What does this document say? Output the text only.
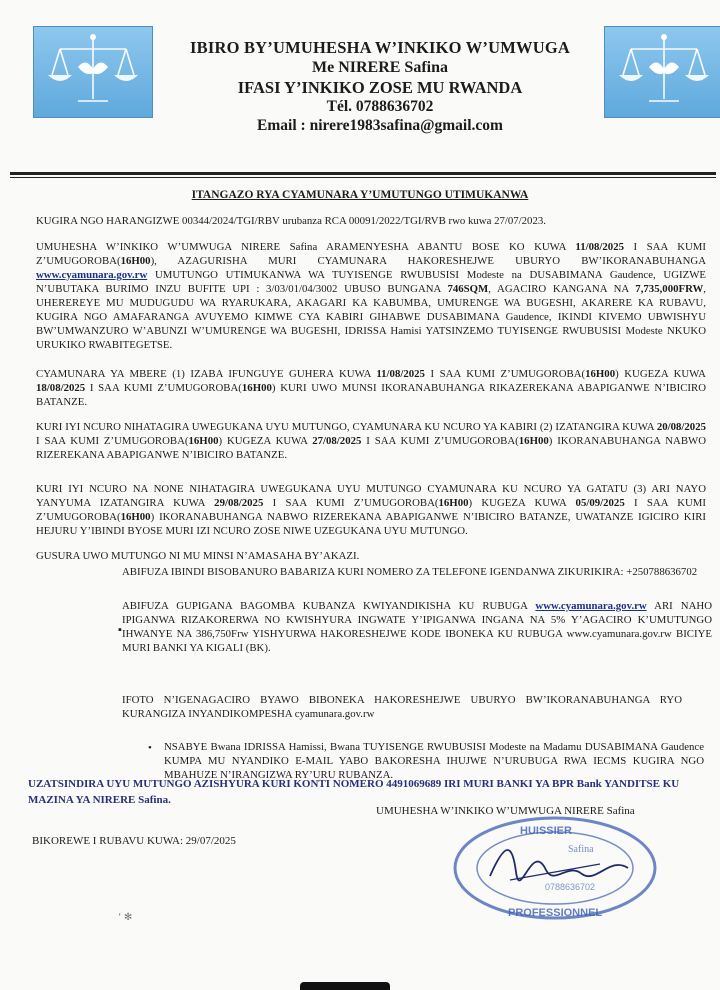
IBIRO BY’UMUHESHA W’INKIKO W’UMWUGA
Me NIRERE Safina
IFASI Y’INKIKO ZOSE MU RWANDA
Tél. 0788636702
Email : nirere1983safina@gmail.com
ITANGAZO RYA CYAMUNARA Y’UMUTUNGO UTIMUKANWA

KUGIRA NGO HARANGIZWE 00344/2024/TGI/RBV urubanza RCA 00091/2022/TGI/RVB rwo kuwa 27/07/2023.

UMUHESHA W’INKIKO W’UMWUGA NIRERE Safina ARAMENYESHA ABANTU BOSE KO KUWA 11/08/2025 I SAA KUMI Z’UMUGOROBA(16H00), AZAGURISHA MURI CYAMUNARA HAKORESHEJWE UBURYO BW’IKORANABUHANGA www.cyamunara.gov.rw UMUTUNGO UTIMUKANWA WA TUYISENGE RWUBUSISI Modeste na DUSABIMANA Gaudence, UGIZWE N’UBUTAKA BURIMO INZU BUFITE UPI : 3/03/01/04/3002 UBUSO BUNGANA 746SQM, AGACIRO KANGANA NA 7,735,000FRW, UHEREREYE MU MUDUGUDU WA RYARUKARA, AKAGARI KA KABUMBA, UMURENGE WA BUGESHI, AKARERE KA RUBAVU, KUGIRA NGO AMAFARANGA AVUYEMO KIMWE CYA KABIRI GIHABWE DUSABIMANA Gaudence, IKINDI KIVEMO UBWISHYU BW’UMWANZURO W’ABUNZI W’UMURENGE WA BUGESHI, IDRISSA Hamisi YATSINZEMO TUYISENGE RWUBUSISI Modeste NKUKO URUKIKO RWABITEGETSE.

CYAMUNARA YA MBERE (1) IZABA IFUNGUYE GUHERA KUWA 11/08/2025 I SAA KUMI Z’UMUGOROBA(16H00) KUGEZA KUWA 18/08/2025 I SAA KUMI Z’UMUGOROBA(16H00) KURI UWO MUNSI IKORANABUHANGA RIKAZEREKANA ABAPIGANWE N’IBICIRO BATANZE.

KURI IYI NCURO NIHATAGIRA UWEGUKANA UYU MUTUNGO, CYAMUNARA KU NCURO YA KABIRI (2) IZATANGIRA KUWA 20/08/2025 I SAA KUMI Z’UMUGOROBA(16H00) KUGEZA KUWA 27/08/2025 I SAA KUMI Z’UMUGOROBA(16H00) IKORANABUHANGA NABWO RIZEREKANA ABAPIGANWE N’IBICIRO BATANZE.

KURI IYI NCURO NA NONE NIHATAGIRA UWEGUKANA UYU MUTUNGO CYAMUNARA KU NCURO YA GATATU (3) ARI NAYO YANYUMA IZATANGIRA KUWA 29/08/2025 I SAA KUMI Z’UMUGOROBA(16H00) KUGEZA KUWA 05/09/2025 I SAA KUMI Z’UMUGOROBA(16H00) IKORANABUHANGA NABWO RIZEREKANA ABAPIGANWE N’IBICIRO BATANZE, UWATANZE IGICIRO KIRI HEJURU Y’IBINDI BYOSE MURI IZI NCURO ZOSE NIWE UZEGUKANA UYU MUTUNGO.

GUSURA UWO MUTUNGO NI MU MINSI N’AMASAHA BY’AKAZI.

ABIFUZA IBINDI BISOBANURO BABARIZA KURI NOMERO ZA TELEFONE IGENDANWA ZIKURIKIRA: +250788636702

▪

ABIFUZA GUPIGANA BAGOMBA KUBANZA KWIYANDIKISHA KU RUBUGA www.cyamunara.gov.rw ARI NAHO IPIGANWA RIZAKORERWA NO KWISHYURA INGWATE Y’IPIGANWA INGANA NA 5% Y’AGACIRO K’UMUTUNGO IHWANYE NA 386,750Frw YISHYURWA HAKORESHEJWE KODE IBONEKA KU RUBUGA www.cyamunara.gov.rw BICIYE MURI BANKI YA KIGALI (BK).

IFOTO N’IGENAGACIRO BYAWO BIBONEKA HAKORESHEJWE UBURYO BW’IKORANABUHANGA RYO KURANGIZA INYANDIKOMPESHA cyamunara.gov.rw

• NSABYE Bwana IDRISSA Hamissi, Bwana TUYISENGE RWUBUSISI Modeste na Madamu DUSABIMANA Gaudence KUMPA MU NYANDIKO E-MAIL YABO BAKORESHA IHUJWE N’URUBUGA RWA IECMS KUGIRA NGO MBAHUZE N’IRANGIZWA RY’URU RUBANZA.

UZATSINDIRA UYU MUTUNGO AZISHYURA KURI KONTI NOMERO 4491069689 IRI MURI BANKI YA BPR Bank YANDITSE KU MAZINA YA NIRERE Safina.
UMUHESHA W’INKIKO W’UMWUGA NIRERE Safina
BIKOREWE I RUBAVU KUWA: 29/07/2025
HUISSIER
PROFESSIONNEL
Safina
0788636702
‘ ✻
